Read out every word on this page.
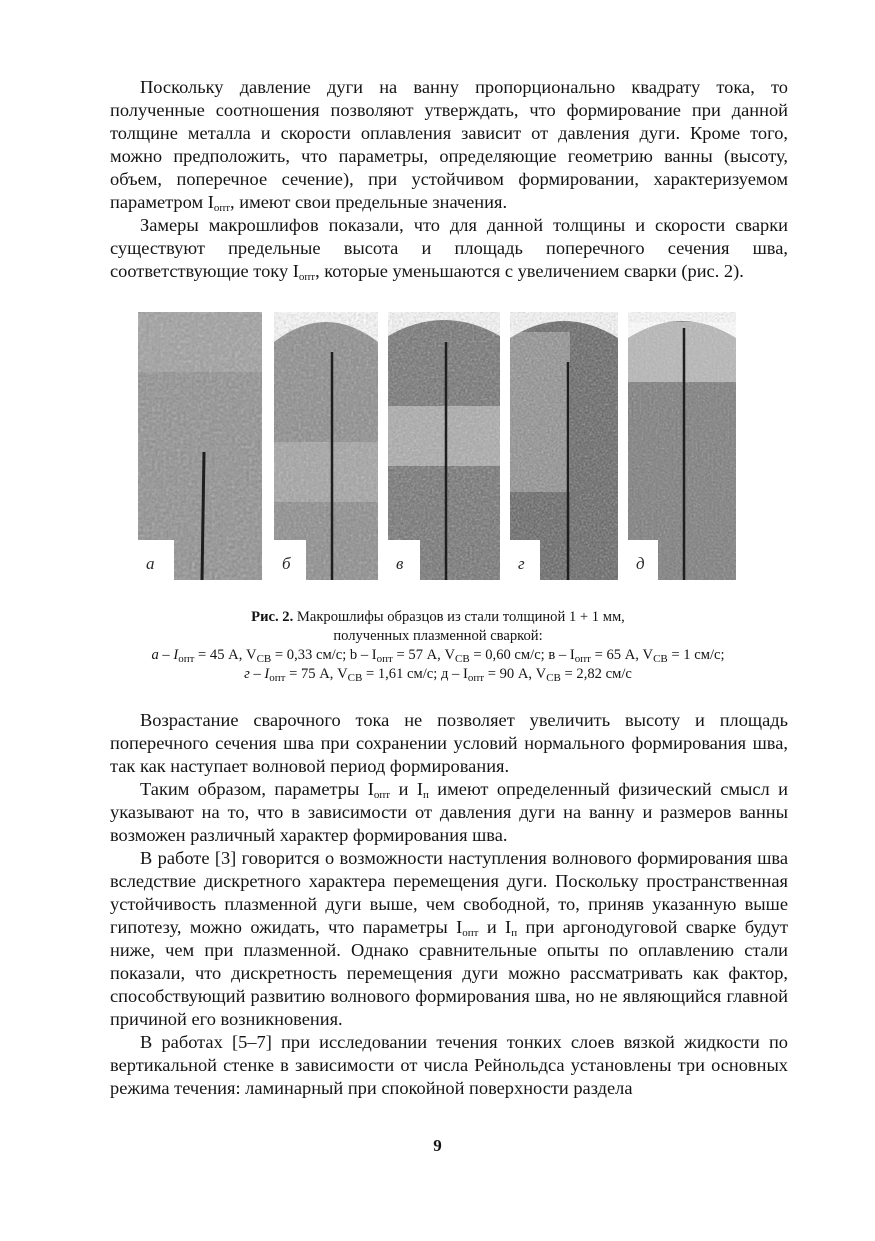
Поскольку давление дуги на ванну пропорционально квадрату тока, то полученные соотношения позволяют утверждать, что формирование при данной толщине металла и скорости оплавления зависит от давления дуги. Кроме того, можно предположить, что параметры, определяющие геометрию ванны (высоту, объем, поперечное сечение), при устойчивом формировании, характеризуемом параметром $I_{опт}$, имеют свои предельные значения.

Замеры макрошлифов показали, что для данной толщины и скорости сварки существуют предельные высота и площадь поперечного сечения шва, соответствующие току $I_{опт}$, которые уменьшаются с увеличением сварки (рис. 2).

а	б	в	г	д
Рис. 2. Макрошлифы образцов из стали толщиной 1 + 1 мм,
полученных плазменной сваркой:
$а - I_{опт} = 45$ А, $V_{СВ} = 0,33$ см/с; $b - I_{опт} = 57$ А, $V_{СВ} = 0,60$ см/с; $в - I_{опт} = 65$ А, $V_{СВ} = 1$ см/с;
$г - I_{опт} = 75$ А, $V_{СВ} = 1,61$ см/с; $д - I_{опт} = 90$ А, $V_{СВ} = 2,82$ см/с

Возрастание сварочного тока не позволяет увеличить высоту и площадь поперечного сечения шва при сохранении условий нормального формирования шва, так как наступает волновой период формирования.

Таким образом, параметры $I_{опт}$ и $I_п$ имеют определенный физический смысл и указывают на то, что в зависимости от давления дуги на ванну и размеров ванны возможен различный характер формирования шва.

В работе [3] говорится о возможности наступления волнового формирования шва вследствие дискретного характера перемещения дуги. Поскольку пространственная устойчивость плазменной дуги выше, чем свободной, то, приняв указанную выше гипотезу, можно ожидать, что параметры $I_{опт}$ и $I_п$ при аргонодуговой сварке будут ниже, чем при плазменной. Однако сравнительные опыты по оплавлению стали показали, что дискретность перемещения дуги можно рассматривать как фактор, способствующий развитию волнового формирования шва, но не являющийся главной причиной его возникновения.

В работах [5–7] при исследовании течения тонких слоев вязкой жидкости по вертикальной стенке в зависимости от числа Рейнольдса установлены три основных режима течения: ламинарный при спокойной поверхности раздела

9
